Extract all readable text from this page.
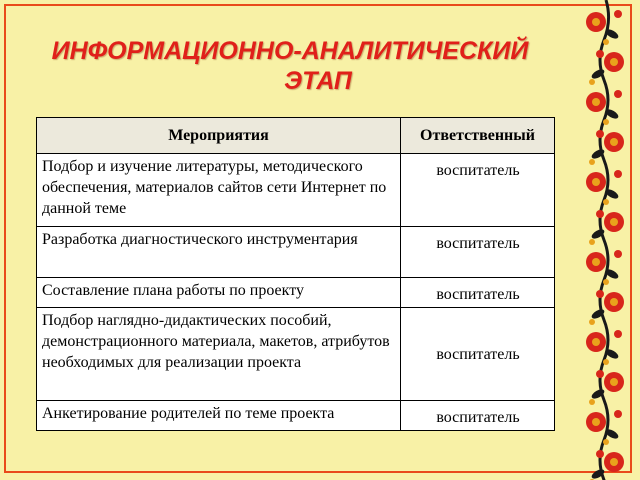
ИНФОРМАЦИОННО-АНАЛИТИЧЕСКИЙ
ЭТАП
Мероприятия	Ответственный
Подбор и изучение литературы, методического обеспечения, материалов сайтов сети Интернет по данной теме	воспитатель
Разработка диагностического инструментария	воспитатель
Составление плана работы по проекту	воспитатель
Подбор наглядно-дидактических пособий, демонстрационного материала, макетов, атрибутов необходимых для реализации проекта	воспитатель
Анкетирование родителей по теме проекта	воспитатель
